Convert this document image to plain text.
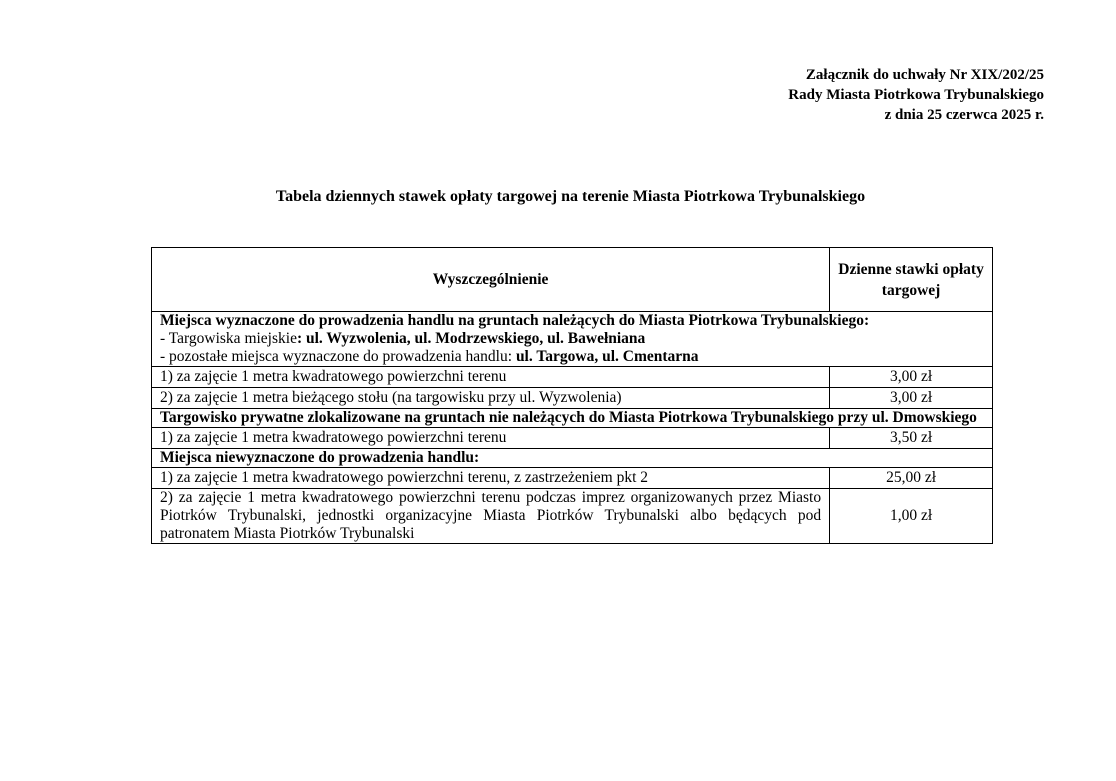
Załącznik do uchwały Nr XIX/202/25
Rady Miasta Piotrkowa Trybunalskiego
z dnia 25 czerwca 2025 r.
Tabela dziennych stawek opłaty targowej na terenie Miasta Piotrkowa Trybunalskiego
Wyszczególnienie	Dzienne stawki opłaty targowej

Miejsca wyznaczone do prowadzenia handlu na gruntach należących do Miasta Piotrkowa Trybunalskiego:
- Targowiska miejskie: ul. Wyzwolenia, ul. Modrzewskiego, ul. Bawełniana
- pozostałe miejsca wyznaczone do prowadzenia handlu: ul. Targowa, ul. Cmentarna	

1) za zajęcie 1 metra kwadratowego powierzchni terenu	3,00 zł
2) za zajęcie 1 metra bieżącego stołu (na targowisku przy ul. Wyzwolenia)	3,00 zł
Targowisko prywatne zlokalizowane na gruntach nie należących do Miasta Piotrkowa Trybunalskiego przy ul. Dmowskiego	
1) za zajęcie 1 metra kwadratowego powierzchni terenu	3,50 zł
Miejsca niewyznaczone do prowadzenia handlu:	
1) za zajęcie 1 metra kwadratowego powierzchni terenu, z zastrzeżeniem pkt 2	25,00 zł
2) za zajęcie 1 metra kwadratowego powierzchni terenu podczas imprez organizowanych przez Miasto Piotrków Trybunalski, jednostki organizacyjne Miasta Piotrków Trybunalski albo będących pod patronatem Miasta Piotrków Trybunalski	1,00 zł
